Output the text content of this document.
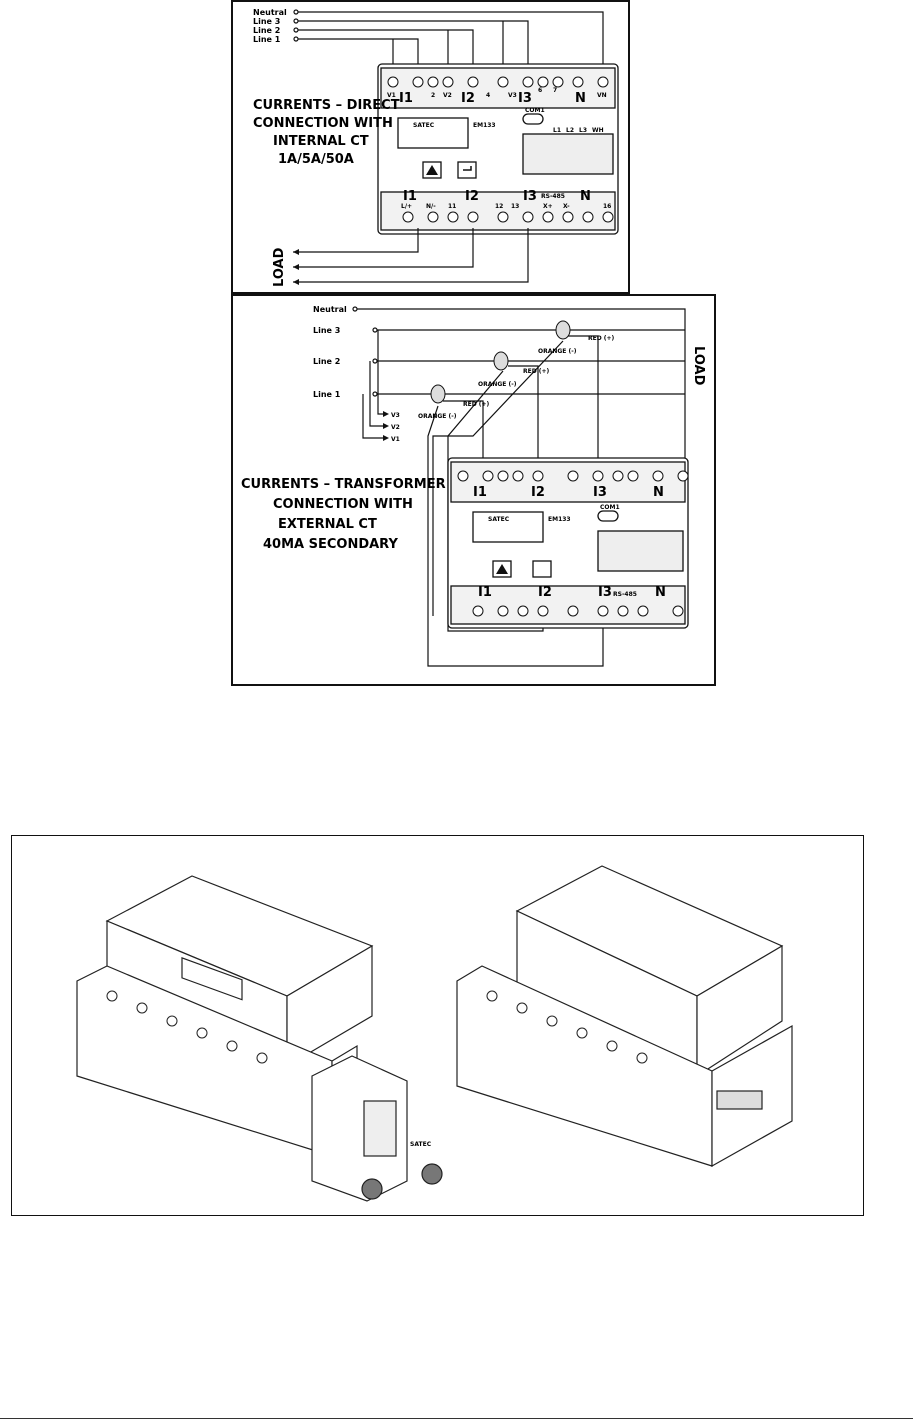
Neutral
Line 3
Line 2
Line 1
V1 I1	2 V2 I2 4	V3 I3
6 7
N VN
L/+ N/- 11	12 13
I1	I2	I3	N
X+ X-	16
RS-485
SATEC	EM133
COM1
L1 L2 L3 WH
CURRENTS – DIRECT
CONNECTION WITH
INTERNAL CT
1A/5A/50A
LOAD
Neutral
Line 3
Line 2
Line 1
V3
V2
V1
ORANGE (-)
RED (+)
ORANGE (-)
RED (+)
ORANGE (-)
RED (+)
I1	I2	I3	N
I1	I2	I3	N
RS-485
SATEC	EM133
COM1
CURRENTS – TRANSFORMER
CONNECTION WITH
EXTERNAL CT
40MA SECONDARY
LOAD
SATEC
